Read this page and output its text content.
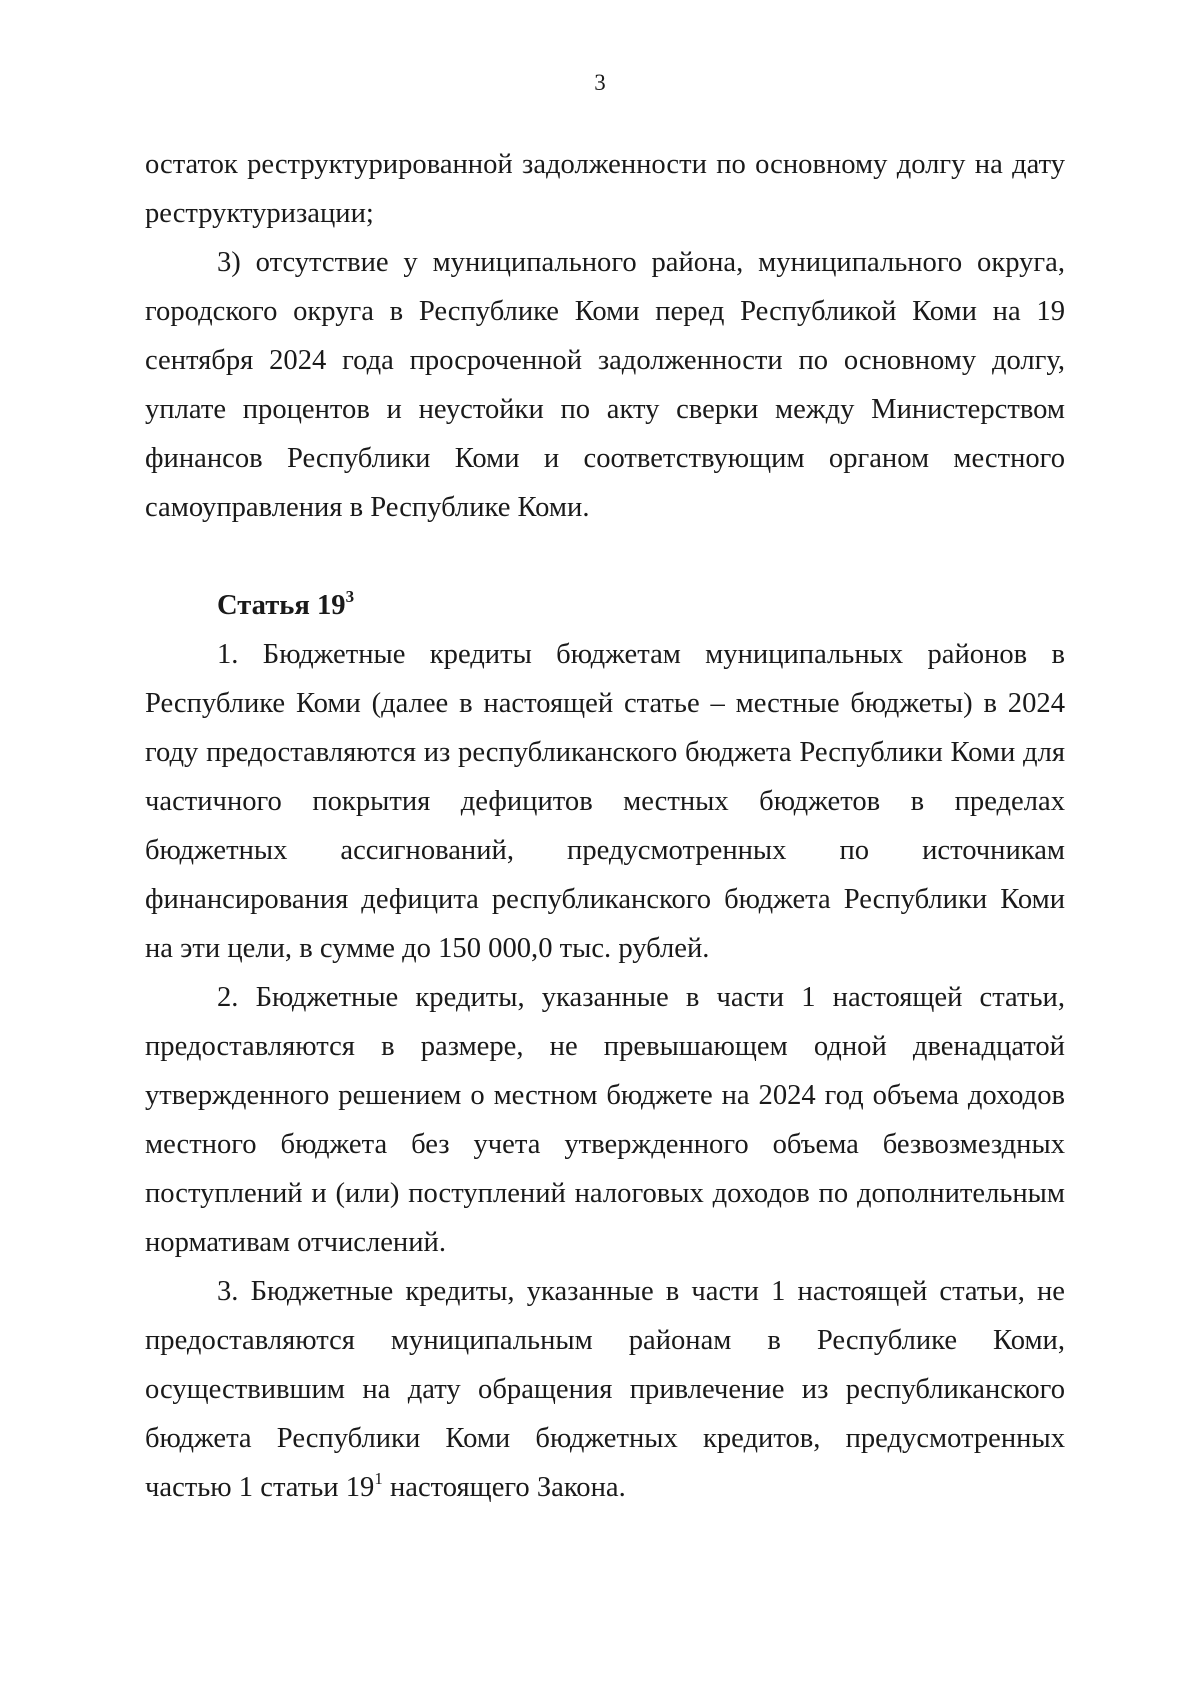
3

остаток реструктурированной задолженности по основному долгу на дату реструктуризации;

3) отсутствие у муниципального района, муниципального округа, городского округа в Республике Коми перед Республикой Коми на 19 сентября 2024 года просроченной задолженности по основному долгу, уплате процентов и неустойки по акту сверки между Министерством финансов Республики Коми и соответствующим органом местного самоуправления в Республике Коми.

Статья $19^3$

1. Бюджетные кредиты бюджетам муниципальных районов в Республике Коми (далее в настоящей статье – местные бюджеты) в 2024 году предоставляются из республиканского бюджета Республики Коми для частичного покрытия дефицитов местных бюджетов в пределах бюджетных ассигнований, предусмотренных по источникам финансирования дефицита республиканского бюджета Республики Коми на эти цели, в сумме до 150 000,0 тыс. рублей.

2. Бюджетные кредиты, указанные в части 1 настоящей статьи, предоставляются в размере, не превышающем одной двенадцатой утвержденного решением о местном бюджете на 2024 год объема доходов местного бюджета без учета утвержденного объема безвозмездных поступлений и (или) поступлений налоговых доходов по дополнительным нормативам отчислений.

3. Бюджетные кредиты, указанные в части 1 настоящей статьи, не предоставляются муниципальным районам в Республике Коми, осуществившим на дату обращения привлечение из республиканского бюджета Республики Коми бюджетных кредитов, предусмотренных частью 1 статьи $19^1$ настоящего Закона.
